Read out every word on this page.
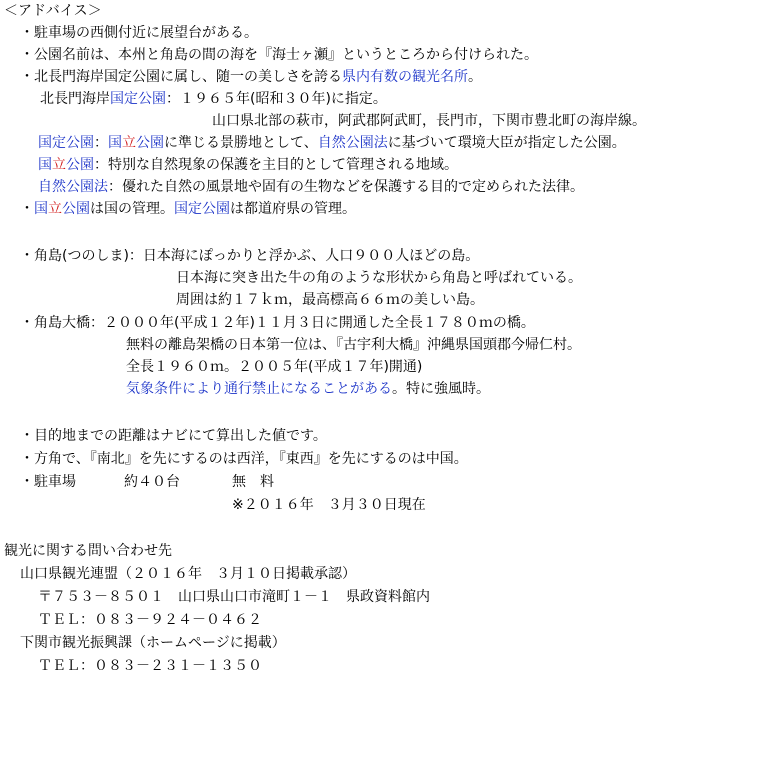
＜アドバイス＞
・駐車場の西側付近に展望台がある。
・公園名前は、本州と角島の間の海を『海士ヶ瀬』というところから付けられた。
・北長門海岸国定公園に属し、随一の美しさを誇る県内有数の観光名所。
北長門海岸国定公園：１９６５年(昭和３０年)に指定。
山口県北部の萩市，阿武郡阿武町，長門市，下関市豊北町の海岸線。
国定公園：国立公園に準じる景勝地として、自然公園法に基づいて環境大臣が指定した公園。
国立公園：特別な自然現象の保護を主目的として管理される地域。
自然公園法：優れた自然の風景地や固有の生物などを保護する目的で定められた法律。
・国立公園は国の管理。国定公園は都道府県の管理。
・角島(つのしま)：日本海にぽっかりと浮かぶ、人口９００人ほどの島。
日本海に突き出た牛の角のような形状から角島と呼ばれている。
周囲は約１７ｋｍ，最高標高６６ｍの美しい島。
・角島大橋：２０００年(平成１２年)１１月３日に開通した全長１７８０ｍの橋。
無料の離島架橋の日本第一位は、『古宇利大橋』沖縄県国頭郡今帰仁村。
全長１９６０ｍ。２００５年(平成１７年)開通)
気象条件により通行禁止になることがある。特に強風時。
・目的地までの距離はナビにて算出した値です。
・方角で、『南北』を先にするのは西洋，『東西』を先にするのは中国。
・駐車場	約４０台	無　料
※２０１６年　３月３０日現在
観光に関する問い合わせ先
山口県観光連盟（２０１６年　３月１０日掲載承認）
〒７５３－８５０１　山口県山口市滝町１－１　県政資料館内
ＴＥＬ：０８３－９２４－０４６２
下関市観光振興課（ホームページに掲載）
ＴＥＬ：０８３－２３１－１３５０
